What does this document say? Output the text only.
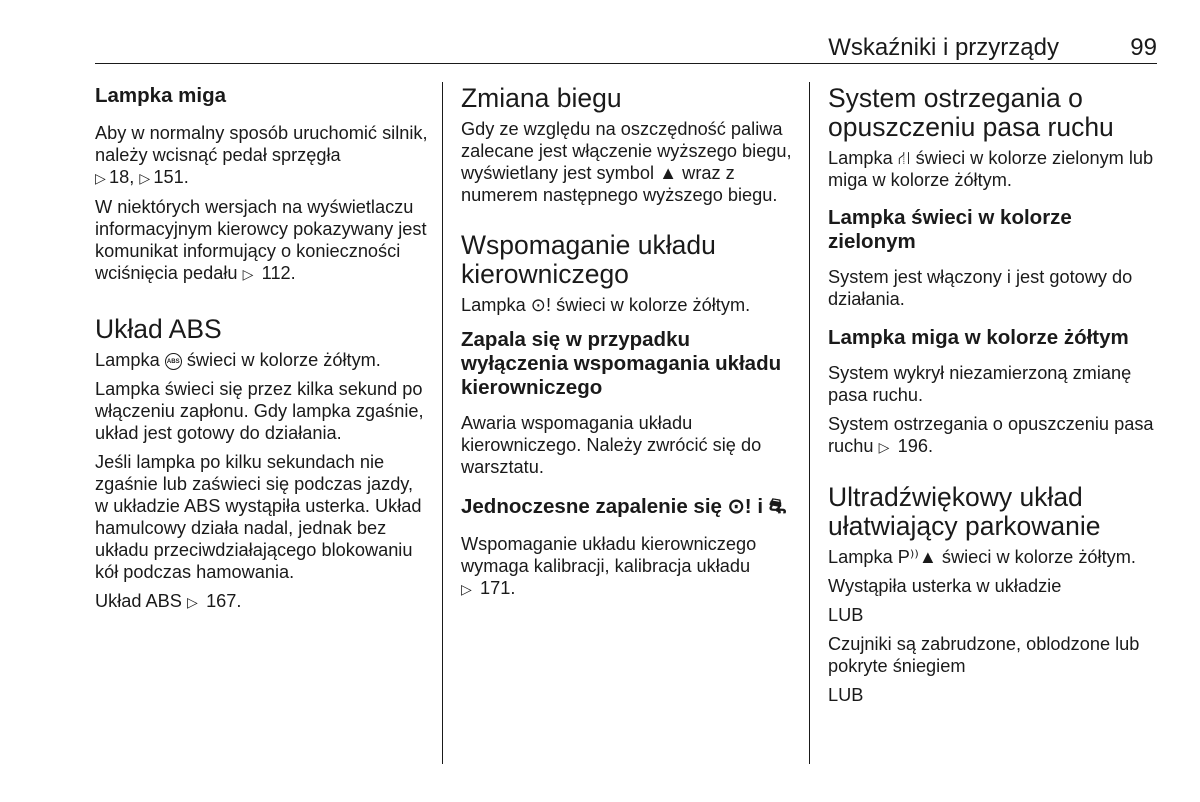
Wskaźniki i przyrządy	99
Lampka miga

Aby w normalny sposób uruchomić silnik, należy wcisnąć pedał sprzęgła
▷ 18, ▷ 151.

W niektórych wersjach na wyświetlaczu informacyjnym kierowcy pokazywany jest komunikat informujący o konieczności wciśnięcia pedału ▷ 112.

Układ ABS

Lampka ABS świeci w kolorze żółtym.

Lampka świeci się przez kilka sekund po włączeniu zapłonu. Gdy lampka zgaśnie, układ jest gotowy do działania.

Jeśli lampka po kilku sekundach nie zgaśnie lub zaświeci się podczas jazdy, w układzie ABS wystąpiła usterka. Układ hamulcowy działa nadal, jednak bez układu przeciwdziałającego blokowaniu kół podczas hamowania.

Układ ABS ▷ 167.

Zmiana biegu

Gdy ze względu na oszczędność paliwa zalecane jest włączenie wyższego biegu, wyświetlany jest symbol ▲ wraz z numerem następnego wyższego biegu.

Wspomaganie układu kierowniczego

Lampka ⊙! świeci w kolorze żółtym.

Zapala się w przypadku wyłączenia wspomagania układu kierowniczego

Awaria wspomagania układu kierowniczego. Należy zwrócić się do warsztatu.

Jednoczesne zapalenie się ⊙! i ⛐

Wspomaganie układu kierowniczego wymaga kalibracji, kalibracja układu
▷ 171.

System ostrzegania o opuszczeniu pasa ruchu

Lampka ⛙ świeci w kolorze zielonym lub miga w kolorze żółtym.

Lampka świeci w kolorze zielonym

System jest włączony i jest gotowy do działania.

Lampka miga w kolorze żółtym

System wykrył niezamierzoną zmianę pasa ruchu.

System ostrzegania o opuszczeniu pasa ruchu ▷ 196.

Ultradźwiękowy układ ułatwiający parkowanie

Lampka P⁾⁾▲ świeci w kolorze żółtym.

Wystąpiła usterka w układzie

LUB

Czujniki są zabrudzone, oblodzone lub pokryte śniegiem

LUB
